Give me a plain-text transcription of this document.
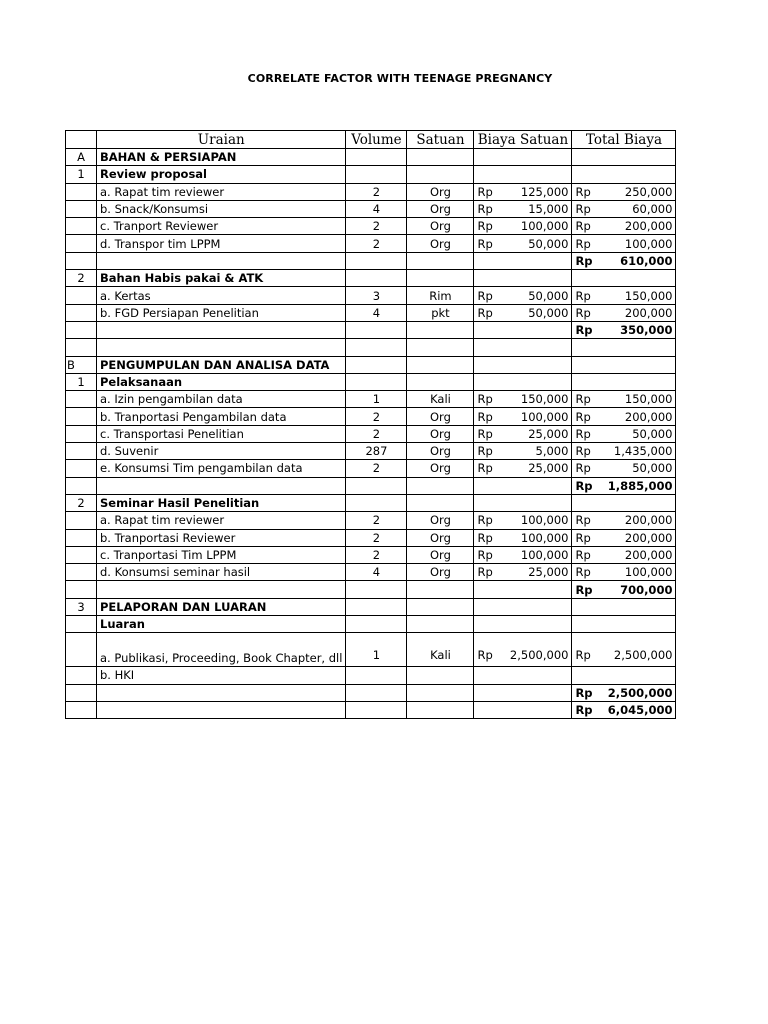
CORRELATE FACTOR WITH TEENAGE PREGNANCY
	Uraian	Volume	Satuan	Biaya Satuan	Total Biaya
A	BAHAN & PERSIAPAN				
1	Review proposal				
	a. Rapat tim reviewer	2	Org	Rp 125,000	Rp 250,000

	b. Snack/Konsumsi	4	Org	Rp 15,000	Rp 60,000

	c. Tranport Reviewer	2	Org	Rp 100,000	Rp 200,000

	d. Transpor tim LPPM	2	Org	Rp 50,000	Rp 100,000

					Rp 610,000

2	Bahan Habis pakai & ATK				
	a. Kertas	3	Rim	Rp 50,000	Rp 150,000

	b. FGD Persiapan Penelitian	4	pkt	Rp 50,000	Rp 200,000

					Rp 350,000

B	PENGUMPULAN DAN ANALISA DATA				
1	Pelaksanaan				
	a. Izin pengambilan data	1	Kali	Rp 150,000	Rp 150,000

	b. Tranportasi Pengambilan data	2	Org	Rp 100,000	Rp 200,000

	c. Transportasi Penelitian	2	Org	Rp 25,000	Rp 50,000

	d. Suvenir	287	Org	Rp 5,000	Rp 1,435,000

	e. Konsumsi Tim pengambilan data	2	Org	Rp 25,000	Rp 50,000

					Rp 1,885,000

2	Seminar Hasil Penelitian				
	a. Rapat tim reviewer	2	Org	Rp 100,000	Rp 200,000

	b. Tranportasi Reviewer	2	Org	Rp 100,000	Rp 200,000

	c. Tranportasi Tim LPPM	2	Org	Rp 100,000	Rp 200,000

	d. Konsumsi seminar hasil	4	Org	Rp 25,000	Rp 100,000

					Rp 700,000

3	PELAPORAN DAN LUARAN				
	Luaran				
	a. Publikasi, Proceeding, Book Chapter, dll	1	Kali	Rp 2,500,000	Rp 2,500,000

	b. HKI			

					Rp 2,500,000

					Rp 6,045,000
